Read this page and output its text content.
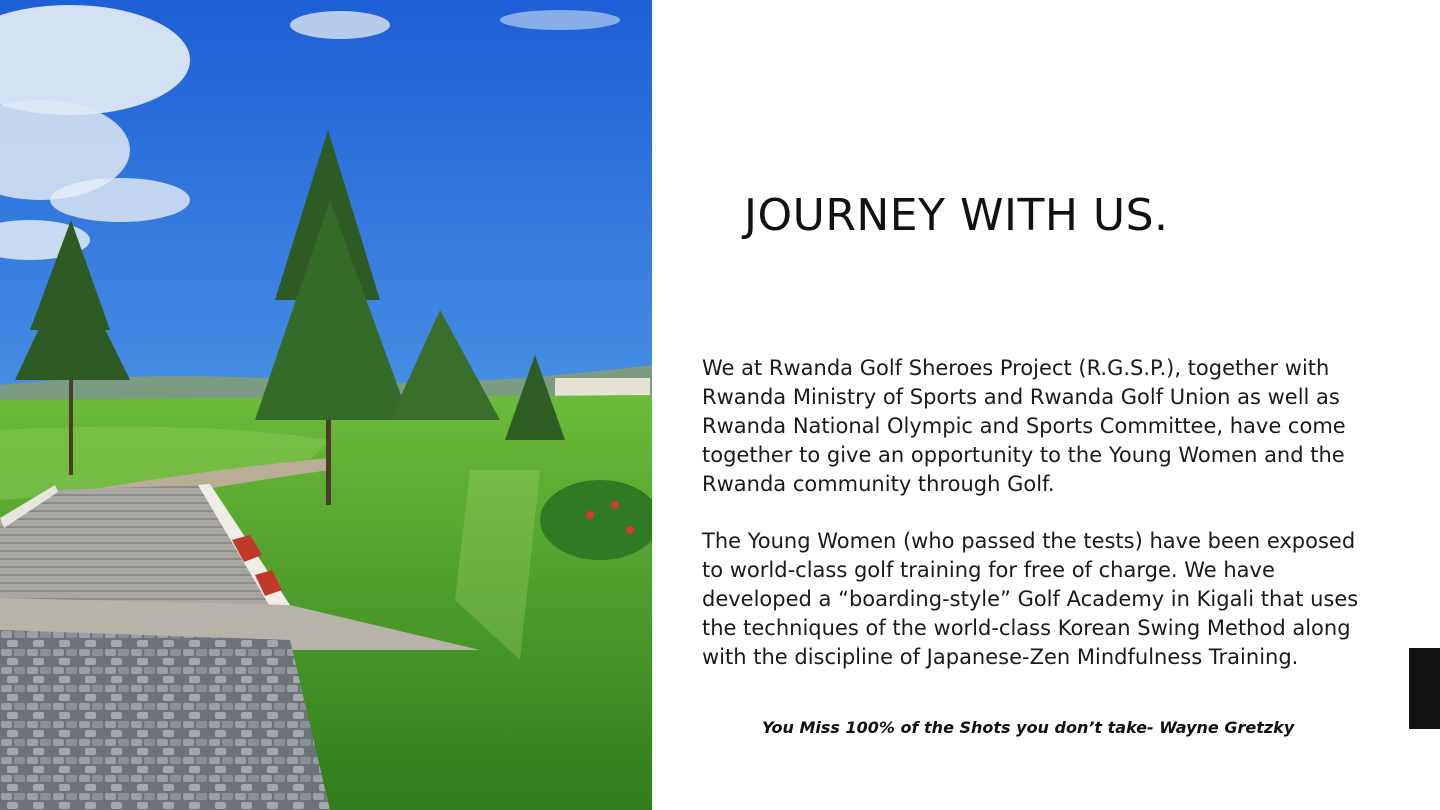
JOURNEY WITH US.

We at Rwanda Golf Sheroes Project (R.G.S.P.), together with Rwanda Ministry of Sports and Rwanda Golf Union as well as Rwanda National Olympic and Sports Committee, have come together to give an opportunity to the Young Women and the Rwanda community through Golf.

The Young Women (who passed the tests) have been exposed to world-class golf training for free of charge. We have developed a “boarding-style” Golf Academy in Kigali that uses the techniques of the world-class Korean Swing Method along with the discipline of Japanese-Zen Mindfulness Training.

You Miss 100% of the Shots you don’t take- Wayne Gretzky
